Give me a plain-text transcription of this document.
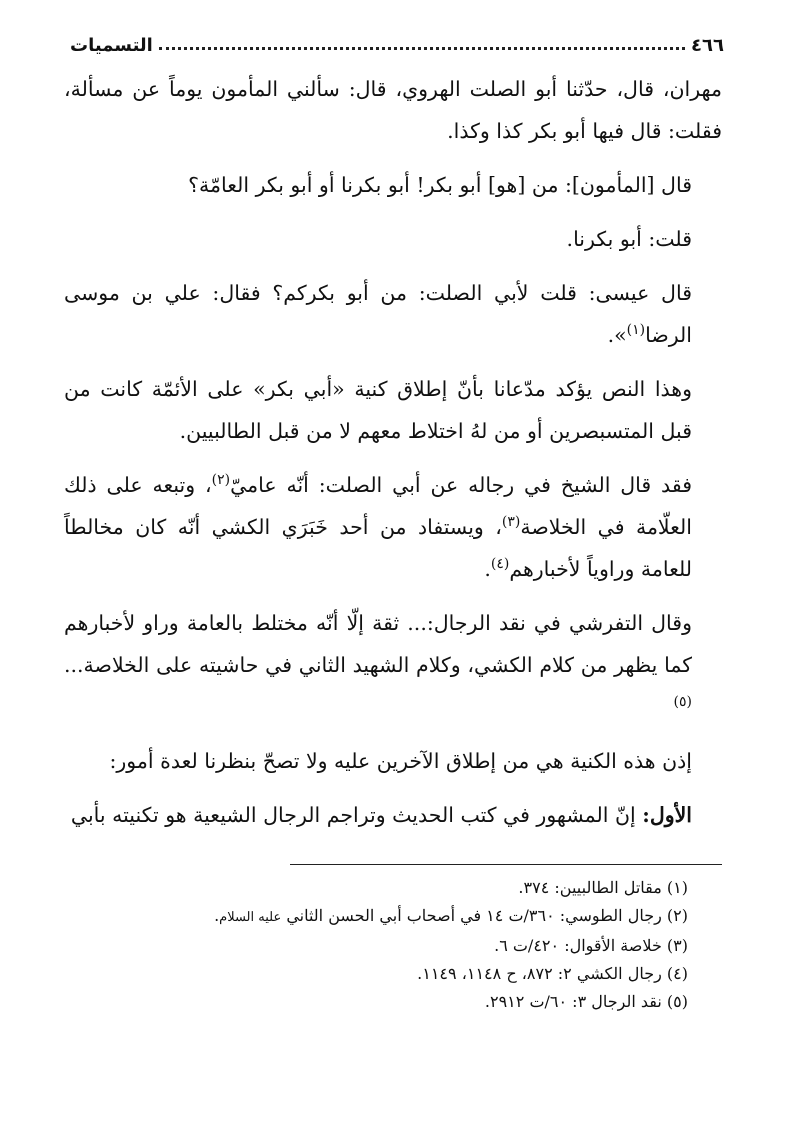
٤٦٦
التسميات

مهران، قال، حدّثنا أبو الصلت الهروي، قال: سألني المأمون يوماً عن مسألة، فقلت: قال فيها أبو بكر كذا وكذا.

قال [المأمون]: من [هو] أبو بكر! أبو بكرنا أو أبو بكر العامّة؟

قلت: أبو بكرنا.

قال عيسى: قلت لأبي الصلت: من أبو بكركم؟ فقال: علي بن موسى الرضا$^{(١)}$».

وهذا النص يؤكد مدّعانا بأنّ إطلاق كنية «أبي بكر» على الأئمّة كانت من قبل المتسبصرين أو من لهُ اختلاط معهم لا من قبل الطالبيين.

فقد قال الشيخ في رجاله عن أبي الصلت: أنّه عاميّ$^{(٢)}$، وتبعه على ذلك العلّامة في الخلاصة$^{(٣)}$، ويستفاد من أحد خَبَرَي الكشي أنّه كان مخالطاً للعامة وراوياً لأخبارهم$^{(٤)}$.

وقال التفرشي في نقد الرجال:... ثقة إلّا أنّه مختلط بالعامة وراو لأخبارهم كما يظهر من كلام الكشي، وكلام الشهيد الثاني في حاشيته على الخلاصة...$^{(٥)}$

إذن هذه الكنية هي من إطلاق الآخرين عليه ولا تصحّ بنظرنا لعدة أمور:

الأول: إنّ المشهور في كتب الحديث وتراجم الرجال الشيعية هو تكنيته بأبي

(١) مقاتل الطالبيين: ٣٧٤.
(٢) رجال الطوسي: ٣٦٠/ت ١٤ في أصحاب أبي الحسن الثاني عليه السلام.
(٣) خلاصة الأقوال: ٤٢٠/ت ٦.
(٤) رجال الكشي ٢: ٨٧٢، ح ١١٤٨، ١١٤٩.
(٥) نقد الرجال ٣: ٦٠/ت ٢٩١٢.
